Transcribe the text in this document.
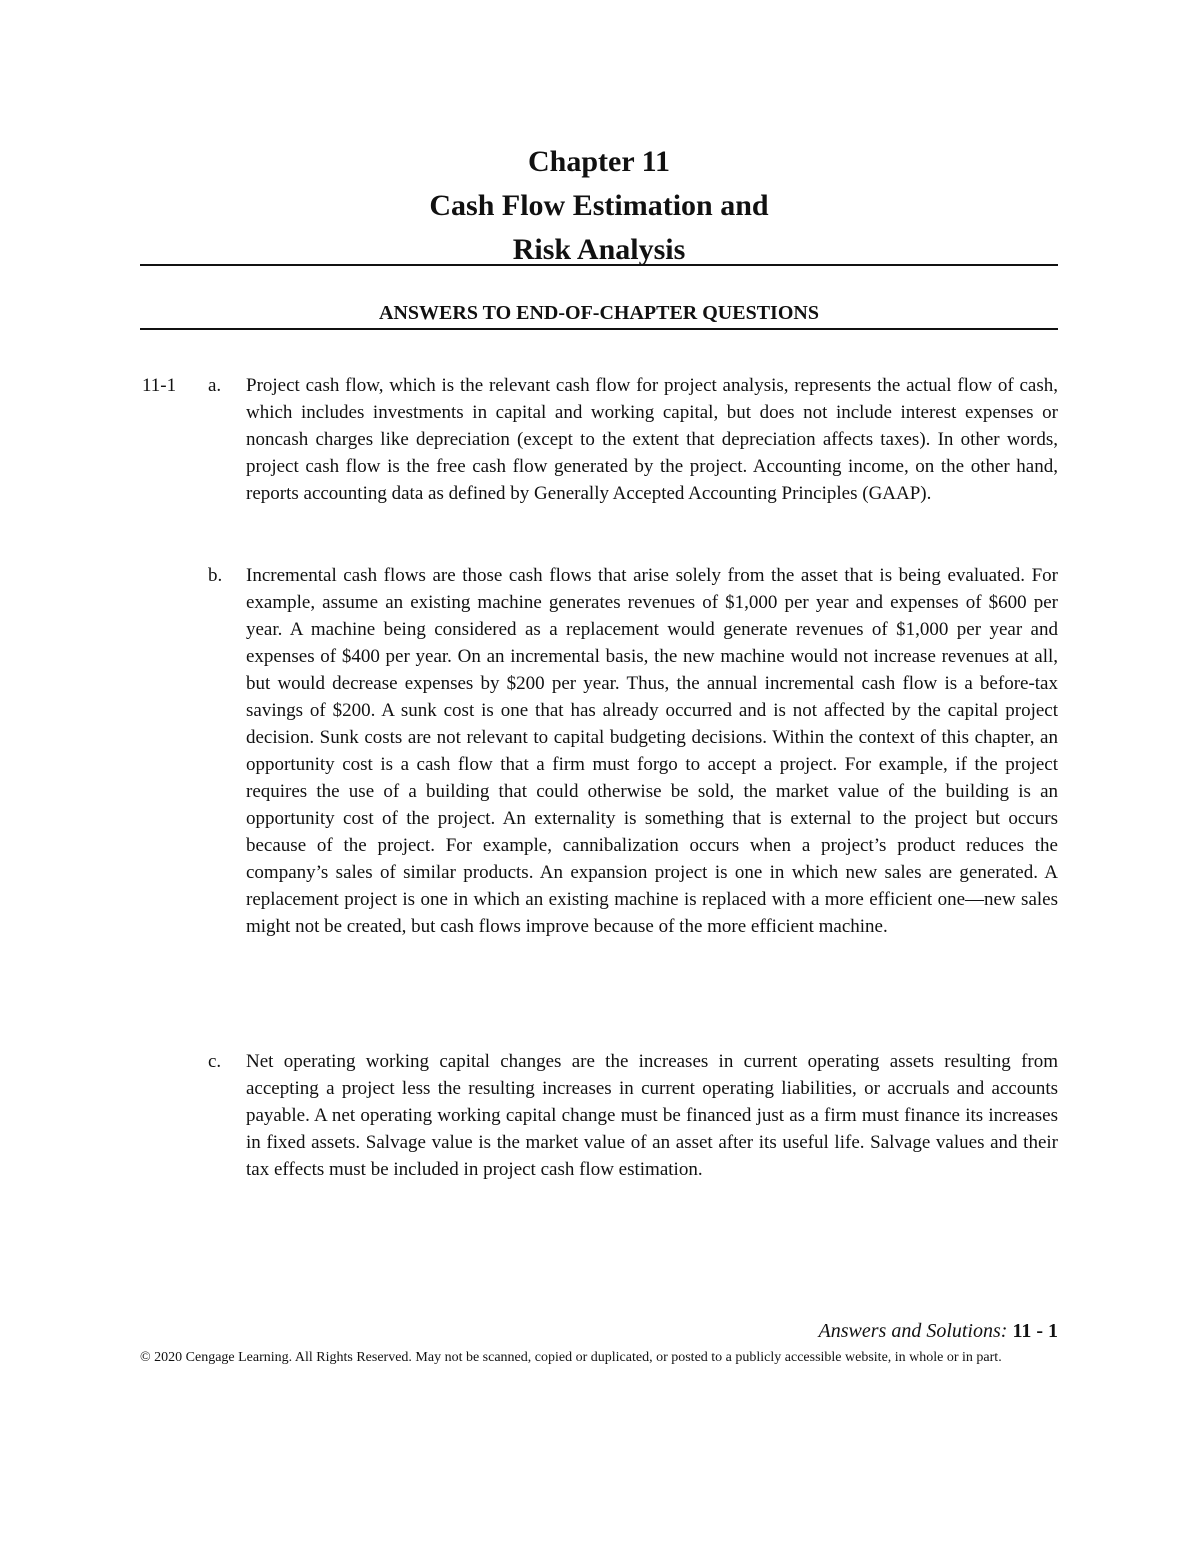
Chapter 11
Cash Flow Estimation and
Risk Analysis
ANSWERS TO END-OF-CHAPTER QUESTIONS
11-1 a.	Project cash flow, which is the relevant cash flow for project analysis, represents the actual flow of cash, which includes investments in capital and working capital, but does not include interest expenses or noncash charges like depreciation (except to the extent that depreciation affects taxes). In other words, project cash flow is the free cash flow generated by the project. Accounting income, on the other hand, reports accounting data as defined by Generally Accepted Accounting Principles (GAAP).
b.	Incremental cash flows are those cash flows that arise solely from the asset that is being evaluated. For example, assume an existing machine generates revenues of $1,000 per year and expenses of $600 per year. A machine being considered as a replacement would generate revenues of $1,000 per year and expenses of $400 per year. On an incremental basis, the new machine would not increase revenues at all, but would decrease expenses by $200 per year. Thus, the annual incremental cash flow is a before-tax savings of $200. A sunk cost is one that has already occurred and is not affected by the capital project decision. Sunk costs are not relevant to capital budgeting decisions. Within the context of this chapter, an opportunity cost is a cash flow that a firm must forgo to accept a project. For example, if the project requires the use of a building that could otherwise be sold, the market value of the building is an opportunity cost of the project. An externality is something that is external to the project but occurs because of the project. For example, cannibalization occurs when a project’s product reduces the company’s sales of similar products. An expansion project is one in which new sales are generated. A replacement project is one in which an existing machine is replaced with a more efficient one—new sales might not be created, but cash flows improve because of the more efficient machine.
c.	Net operating working capital changes are the increases in current operating assets resulting from accepting a project less the resulting increases in current operating liabilities, or accruals and accounts payable. A net operating working capital change must be financed just as a firm must finance its increases in fixed assets. Salvage value is the market value of an asset after its useful life. Salvage values and their tax effects must be included in project cash flow estimation.
Answers and Solutions: 11 - 1
© 2020 Cengage Learning. All Rights Reserved. May not be scanned, copied or duplicated, or posted to a publicly accessible website, in whole or in part.
